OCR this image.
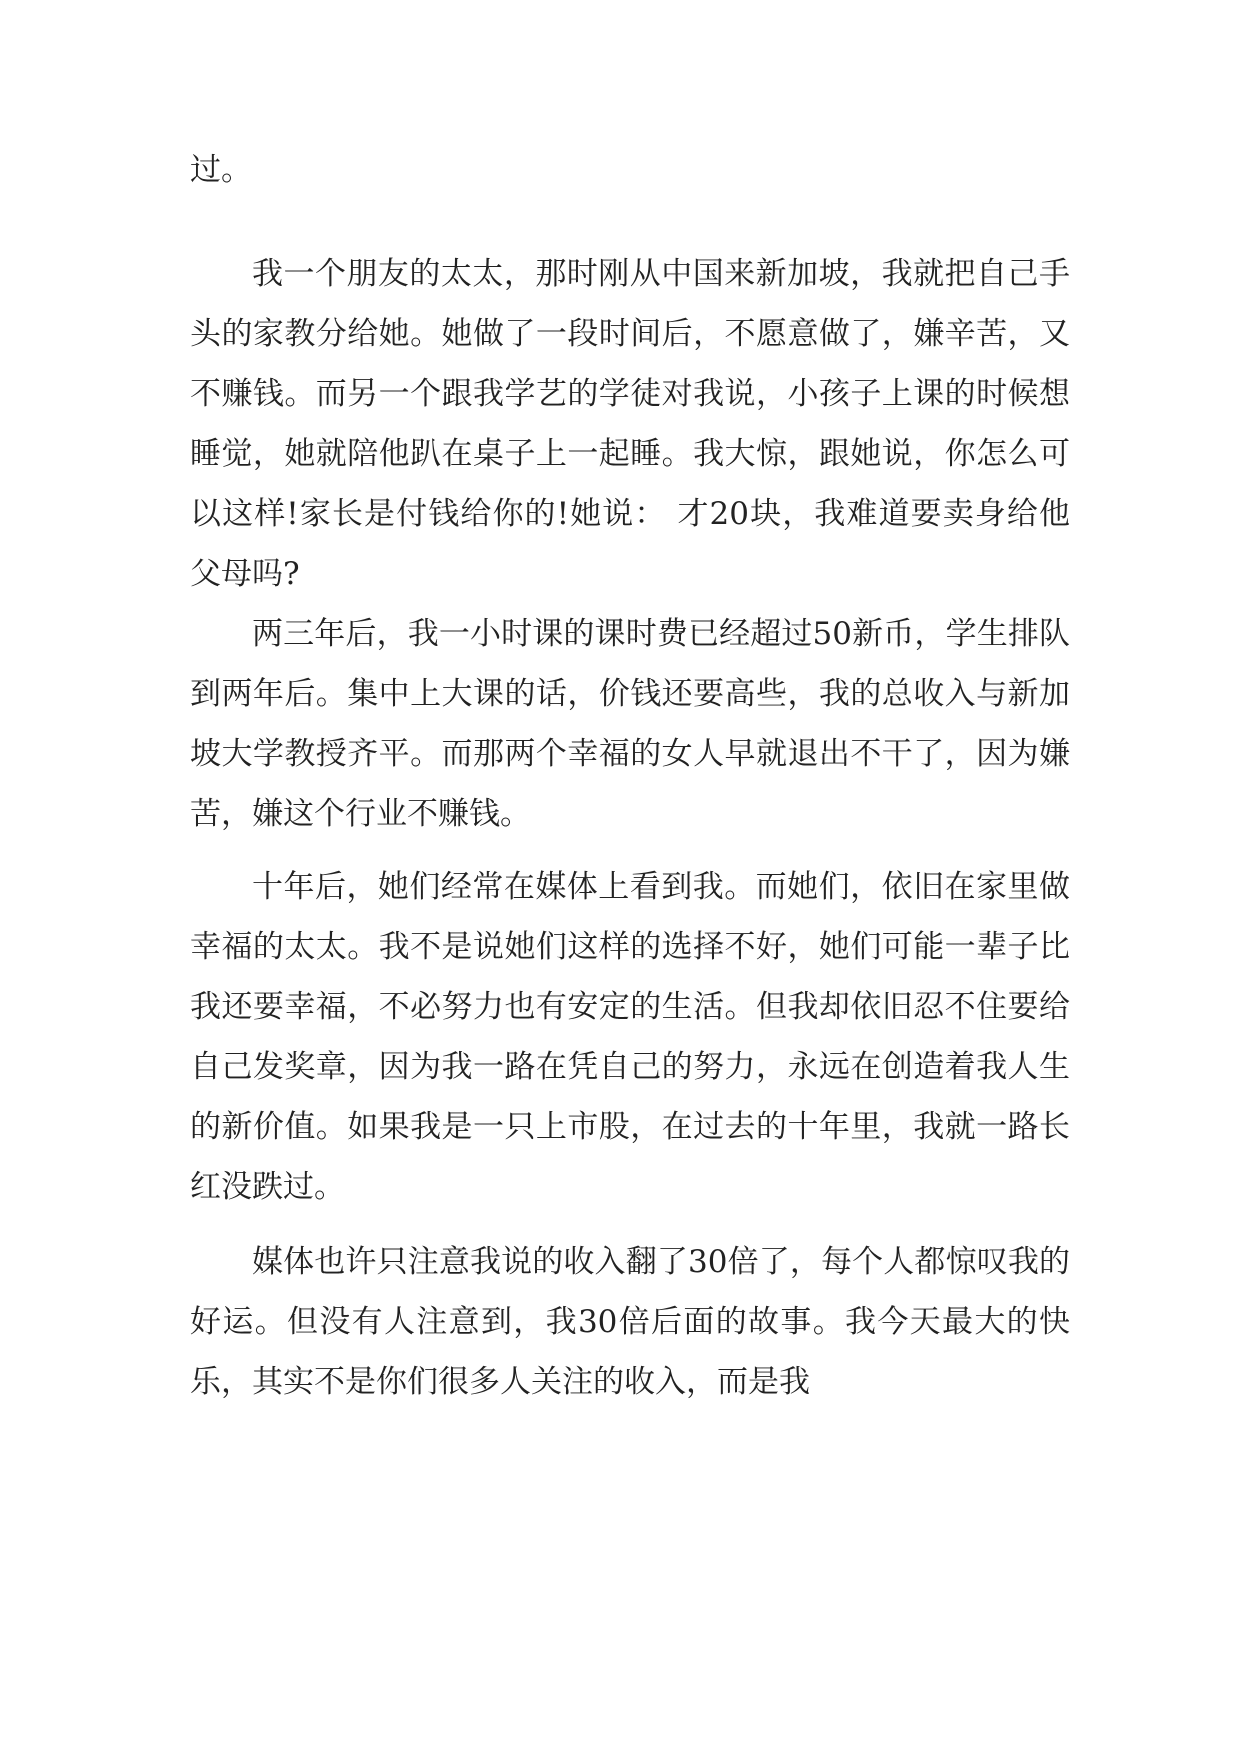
过。

我一个朋友的太太，那时刚从中国来新加坡，我就把自己手头的家教分给她。她做了一段时间后，不愿意做了，嫌辛苦，又不赚钱。而另一个跟我学艺的学徒对我说，小孩子上课的时候想睡觉，她就陪他趴在桌子上一起睡。我大惊，跟她说，你怎么可以这样!家长是付钱给你的!她说： 才20块，我难道要卖身给他父母吗?

两三年后，我一小时课的课时费已经超过50新币，学生排队到两年后。集中上大课的话，价钱还要高些，我的总收入与新加坡大学教授齐平。而那两个幸福的女人早就退出不干了，因为嫌苦，嫌这个行业不赚钱。

十年后，她们经常在媒体上看到我。而她们，依旧在家里做幸福的太太。我不是说她们这样的选择不好，她们可能一辈子比我还要幸福，不必努力也有安定的生活。但我却依旧忍不住要给自己发奖章，因为我一路在凭自己的努力，永远在创造着我人生的新价值。如果我是一只上市股，在过去的十年里，我就一路长红没跌过。

媒体也许只注意我说的收入翻了30倍了，每个人都惊叹我的好运。但没有人注意到，我30倍后面的故事。我今天最大的快乐，其实不是你们很多人关注的收入，而是我
